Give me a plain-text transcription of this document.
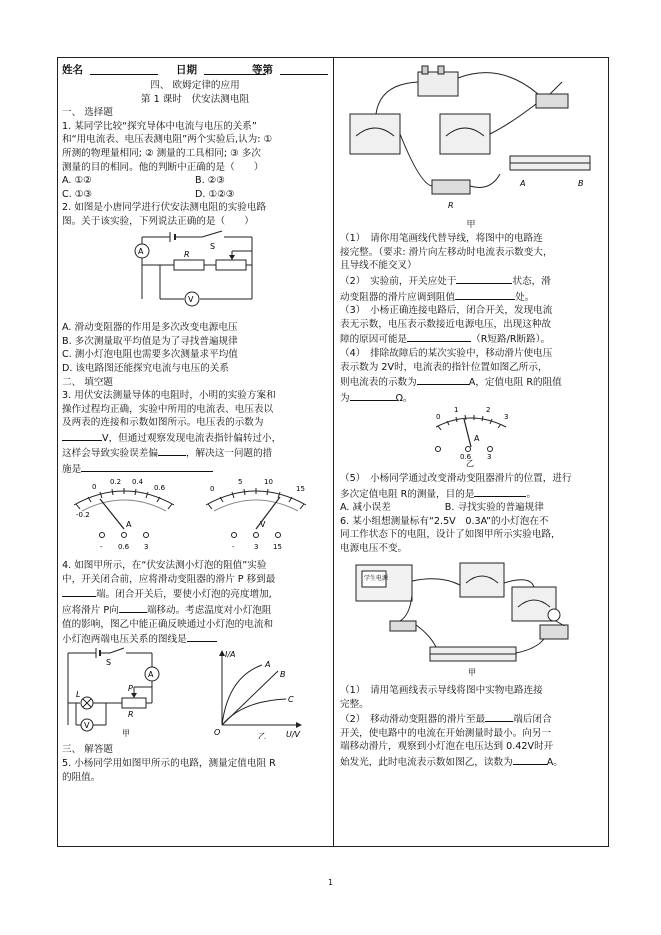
姓名	日期	等第

四、 欧姆定律的应用

第 1 课时　伏安法测电阻

一、 选择题

1. 某同学比较“探究导体中电流与电压的关系”

和“用电流表、电压表测电阻”两个实验后,认为: ①

所测的物理量相同; ② 测量的工具相同; ③ 多次

测量的目的相同。他的判断中正确的是（　　）

A. ①②	B. ②③
C. ①③	D. ①②③

2. 如图是小唐同学进行伏安法测电阻的实验电路

图。关于该实验，下列说法正确的是（　　）

A
S
R
V

A. 滑动变阻器的作用是多次改变电源电压

B. 多次测量取平均值是为了寻找普遍规律

C. 测小灯泡电阻也需要多次测量求平均值

D. 该电路图还能探究电流与电压的关系

二、 填空题

3. 用伏安法测量导体的电阻时，小明的实验方案和

操作过程均正确，实验中所用的电流表、电压表以

及两表的连接和示数如图所示。电压表的示数为

V，但通过观察发现电流表指针偏转过小，

这样会导致实验误差偏	，解决这一问题的措

施是

-0.2
0
0.2 0.4
0.6
A
- 0.6 3
0
5	10
15
V
-	3 15

4. 如图甲所示，在“伏安法测小灯泡的阻值”实验

中，开关闭合前，应将滑动变阻器的滑片 P 移到最

端。闭合开关后，要使小灯泡的亮度增加,

应将滑片 P向	端移动。考虑温度对小灯泡阻

值的影响，图乙中能正确反映通过小灯泡的电流和

小灯泡两端电压关系的图线是

S
A
L
P
R
V
甲
I/A
U/V
O
A
B
C
乙

三、 解答题

5. 小杨同学用如图甲所示的电路，测量定值电阻 R

的阻值。

R
A	B

甲

（1）　请你用笔画线代替导线，将图中的电路连

接完整。（要求: 滑片向左移动时电流表示数变大，

且导线不能交叉）

（2）　实验前，开关应处于	状态，滑

动变阻器的滑片应调到阻值	处。

（3）　小杨正确连接电路后，闭合开关，发现电流

表无示数，电压表示数接近电源电压，出现这种故

障的原因可能是	（R短路/R断路）。

（4）　排除故障后的某次实验中，移动滑片使电压

表示数为 2V时，电流表的指针位置如图乙所示，

则电流表的示数为	A，定值电阻 R的阻值

为	Ω。

0
1	2
3
A
0.6 3
乙

（5）　小杨同学通过改变滑动变阻器滑片的位置，进行

多次定值电阻 R的测量，目的是	。

A. 减小误差	B. 寻找实验的普遍规律

6. 某小组想测量标有“2.5V　0.3A”的小灯泡在不

同工作状态下的电阻，设计了如图甲所示实验电路，

电源电压不变。

学生电源
甲

（1）　请用笔画线表示导线将图中实物电路连接

完整。

（2）　移动滑动变阻器的滑片至最	端后闭合

开关，使电路中的电流在开始测量时最小。向另一

端移动滑片，观察到小灯泡在电压达到 0.42V时开

始发光，此时电流表示数如图乙，读数为	A。

1
